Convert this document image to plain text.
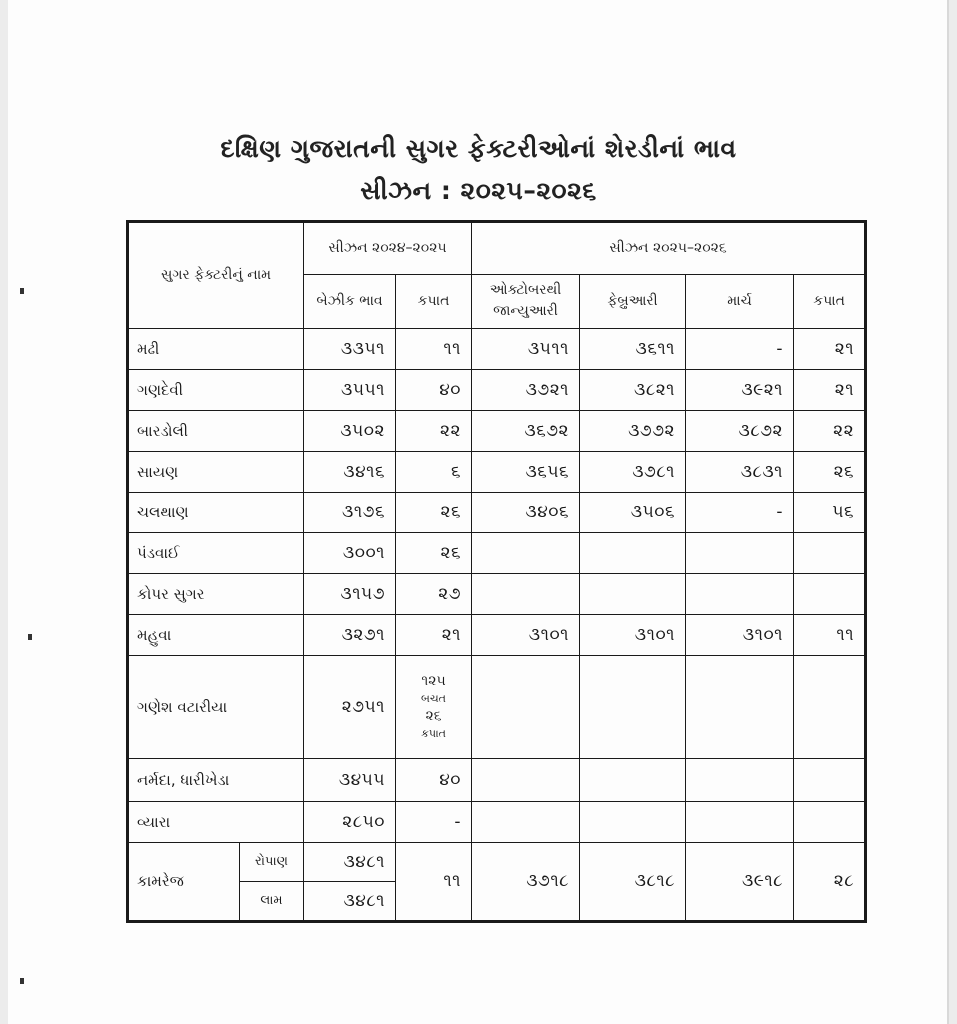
દક્ષિણ ગુજરાતની સુગર ફેક્ટરીઓનાં શેરડીનાં ભાવ
સીઝન : ૨૦૨૫–૨૦૨૬
સુગર ફેક્ટરીનું નામ		સીઝન ૨૦૨૪–૨૦૨૫		સીઝન ૨૦૨૫–૨૦૨૬			
		બેઝીક ભાવ	કપાત	ઓક્ટોબરથી જાન્યુઆરી	ફેબ્રુઆરી	માર્ચ	કપાત
મઢી		૩૩૫૧	૧૧	૩૫૧૧	૩૬૧૧	-	૨૧
ગણદેવી		૩૫૫૧	૪૦	૩૭૨૧	૩૮૨૧	૩૯૨૧	૨૧
બારડોલી		૩૫૦૨	૨૨	૩૬૭૨	૩૭૭૨	૩૮૭૨	૨૨
સાયણ		૩૪૧૬	૬	૩૬૫૬	૩૭૮૧	૩૮૩૧	૨૬
ચલથાણ		૩૧૭૬	૨૬	૩૪૦૬	૩૫૦૬	-	૫૬
પંડવાઈ		૩૦૦૧	૨૬				
કોપર સુગર		૩૧૫૭	૨૭				
મહુવા		૩૨૭૧	૨૧	૩૧૦૧	૩૧૦૧	૩૧૦૧	૧૧
ગણેશ વટારીયા		૨૭૫૧	૧૨૫
બચત
૨૬
કપાત				

નર્મદા, ધારીખેડા		૩૪૫૫	૪૦				
વ્યારા		૨૮૫૦	-				
કામરેજ	રોપાણ	૩૪૮૧	૧૧	૩૭૧૮	૩૮૧૮	૩૯૧૮	૨૮
	લામ	૩૪૮૧					
